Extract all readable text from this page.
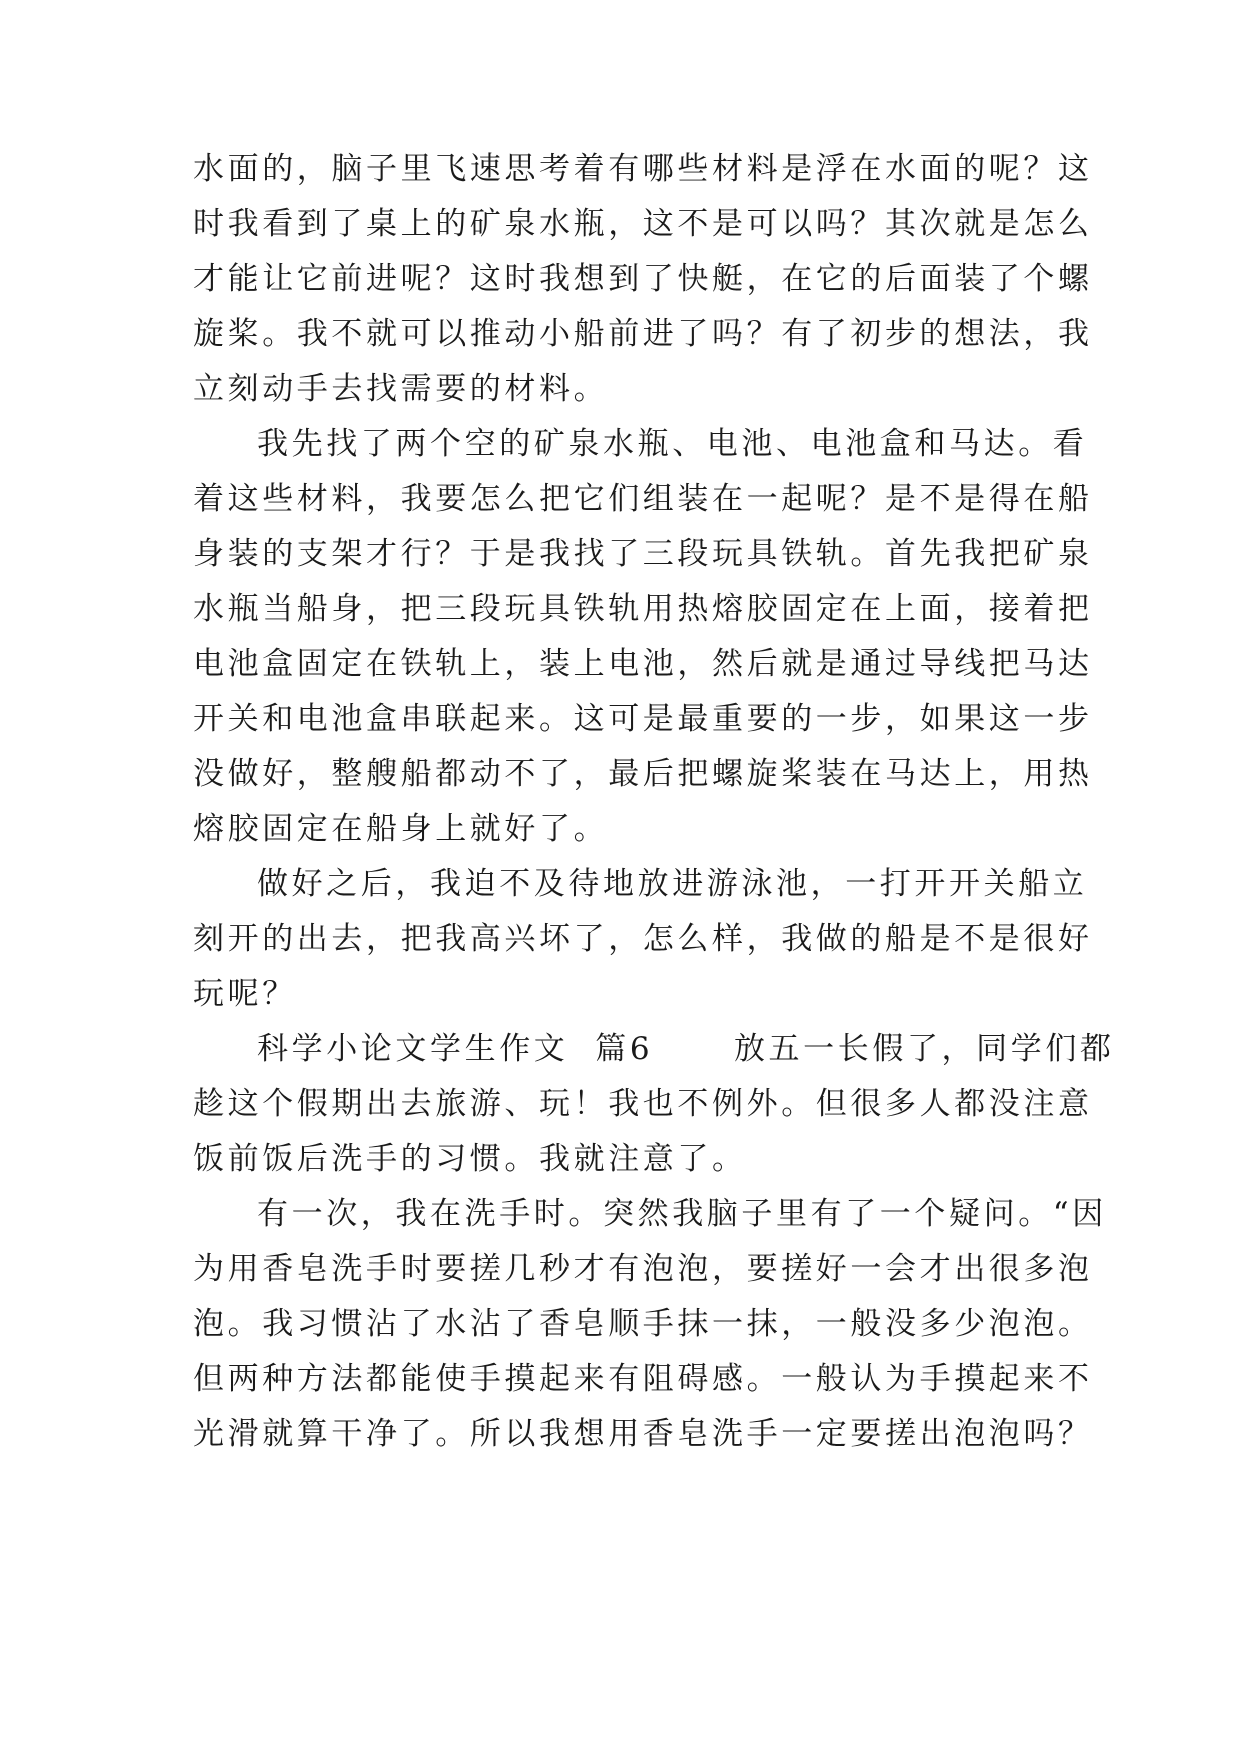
水面的，脑子里飞速思考着有哪些材料是浮在水面的呢？这
时我看到了桌上的矿泉水瓶，这不是可以吗？其次就是怎么
才能让它前进呢？这时我想到了快艇，在它的后面装了个螺
旋桨。我不就可以推动小船前进了吗？有了初步的想法，我
立刻动手去找需要的材料。
我先找了两个空的矿泉水瓶、电池、电池盒和马达。看
着这些材料，我要怎么把它们组装在一起呢？是不是得在船
身装的支架才行？于是我找了三段玩具铁轨。首先我把矿泉
水瓶当船身，把三段玩具铁轨用热熔胶固定在上面，接着把
电池盒固定在铁轨上，装上电池，然后就是通过导线把马达
开关和电池盒串联起来。这可是最重要的一步，如果这一步
没做好，整艘船都动不了，最后把螺旋桨装在马达上，用热
熔胶固定在船身上就好了。
做好之后，我迫不及待地放进游泳池，一打开开关船立
刻开的出去，把我高兴坏了，怎么样，我做的船是不是很好
玩呢？
科学小论文学生作文  篇6      放五一长假了，同学们都
趁这个假期出去旅游、玩！我也不例外。但很多人都没注意
饭前饭后洗手的习惯。我就注意了。
有一次，我在洗手时。突然我脑子里有了一个疑问。“因
为用香皂洗手时要搓几秒才有泡泡，要搓好一会才出很多泡
泡。我习惯沾了水沾了香皂顺手抹一抹，一般没多少泡泡。
但两种方法都能使手摸起来有阻碍感。一般认为手摸起来不
光滑就算干净了。所以我想用香皂洗手一定要搓出泡泡吗？
